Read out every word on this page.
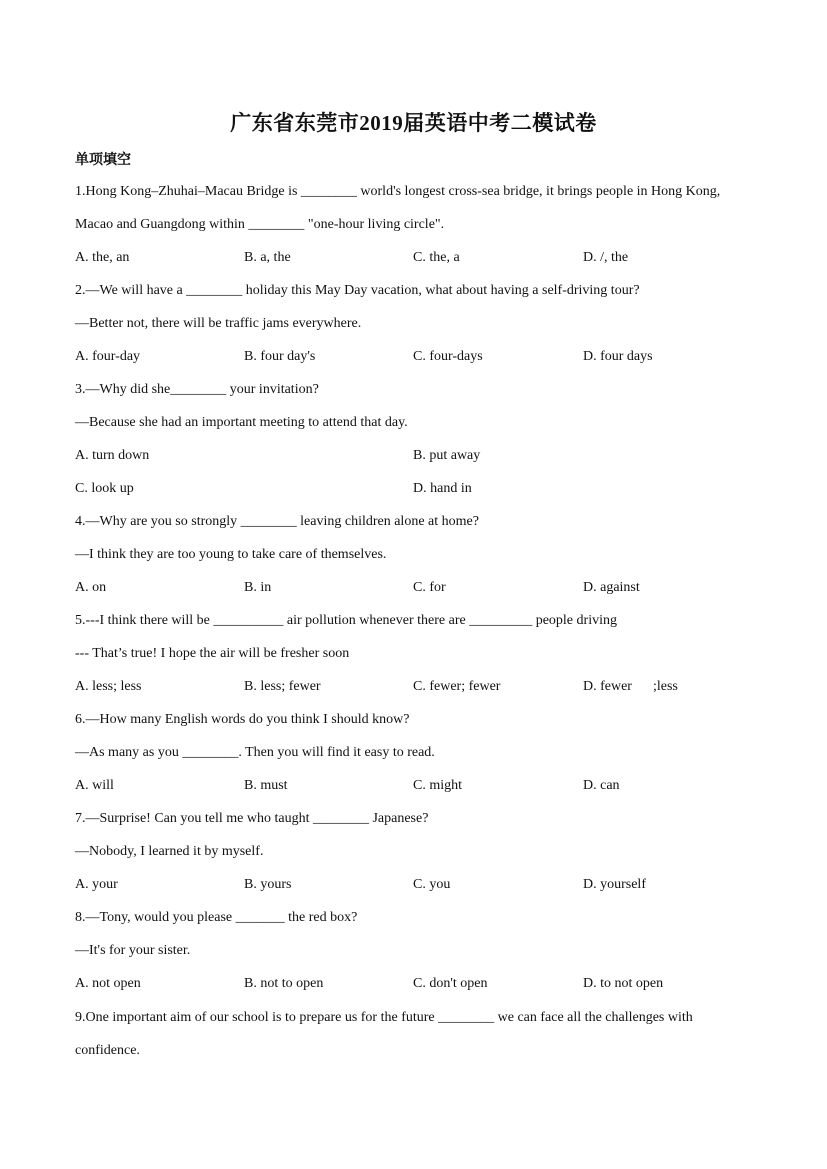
广东省东莞市2019届英语中考二模试卷
单项填空
1.Hong Kong–Zhuhai–Macau Bridge is ________ world's longest cross-sea bridge, it brings people in Hong Kong,
Macao and Guangdong within ________ "one-hour living circle".
A. the, an	B. a, the	C. the, a	D. /, the
2.—We will have a ________ holiday this May Day vacation, what about having a self-driving tour?
—Better not, there will be traffic jams everywhere.
A. four-day	B. four day's	C. four-days	D. four days
3.—Why did she________ your invitation?
—Because she had an important meeting to attend that day.
A. turn down	B. put away
C. look up	D. hand in
4.—Why are you so strongly ________ leaving children alone at home?
—I think they are too young to take care of themselves.
A. on	B. in	C. for	D. against
5.---I think there will be __________ air pollution whenever there are _________ people driving
--- That’s true! I hope the air will be fresher soon
A. less; less	B. less; fewer	C. fewer; fewer	D. fewer      ;less
6.—How many English words do you think I should know?
—As many as you ________. Then you will find it easy to read.
A. will	B. must	C. might	D. can
7.—Surprise! Can you tell me who taught ________ Japanese?
—Nobody, I learned it by myself.
A. your	B. yours	C. you	D. yourself
8.—Tony, would you please _______ the red box?
—It's for your sister.
A. not open	B. not to open	C. don't open	D. to not open
9.One important aim of our school is to prepare us for the future ________ we can face all the challenges with
confidence.
